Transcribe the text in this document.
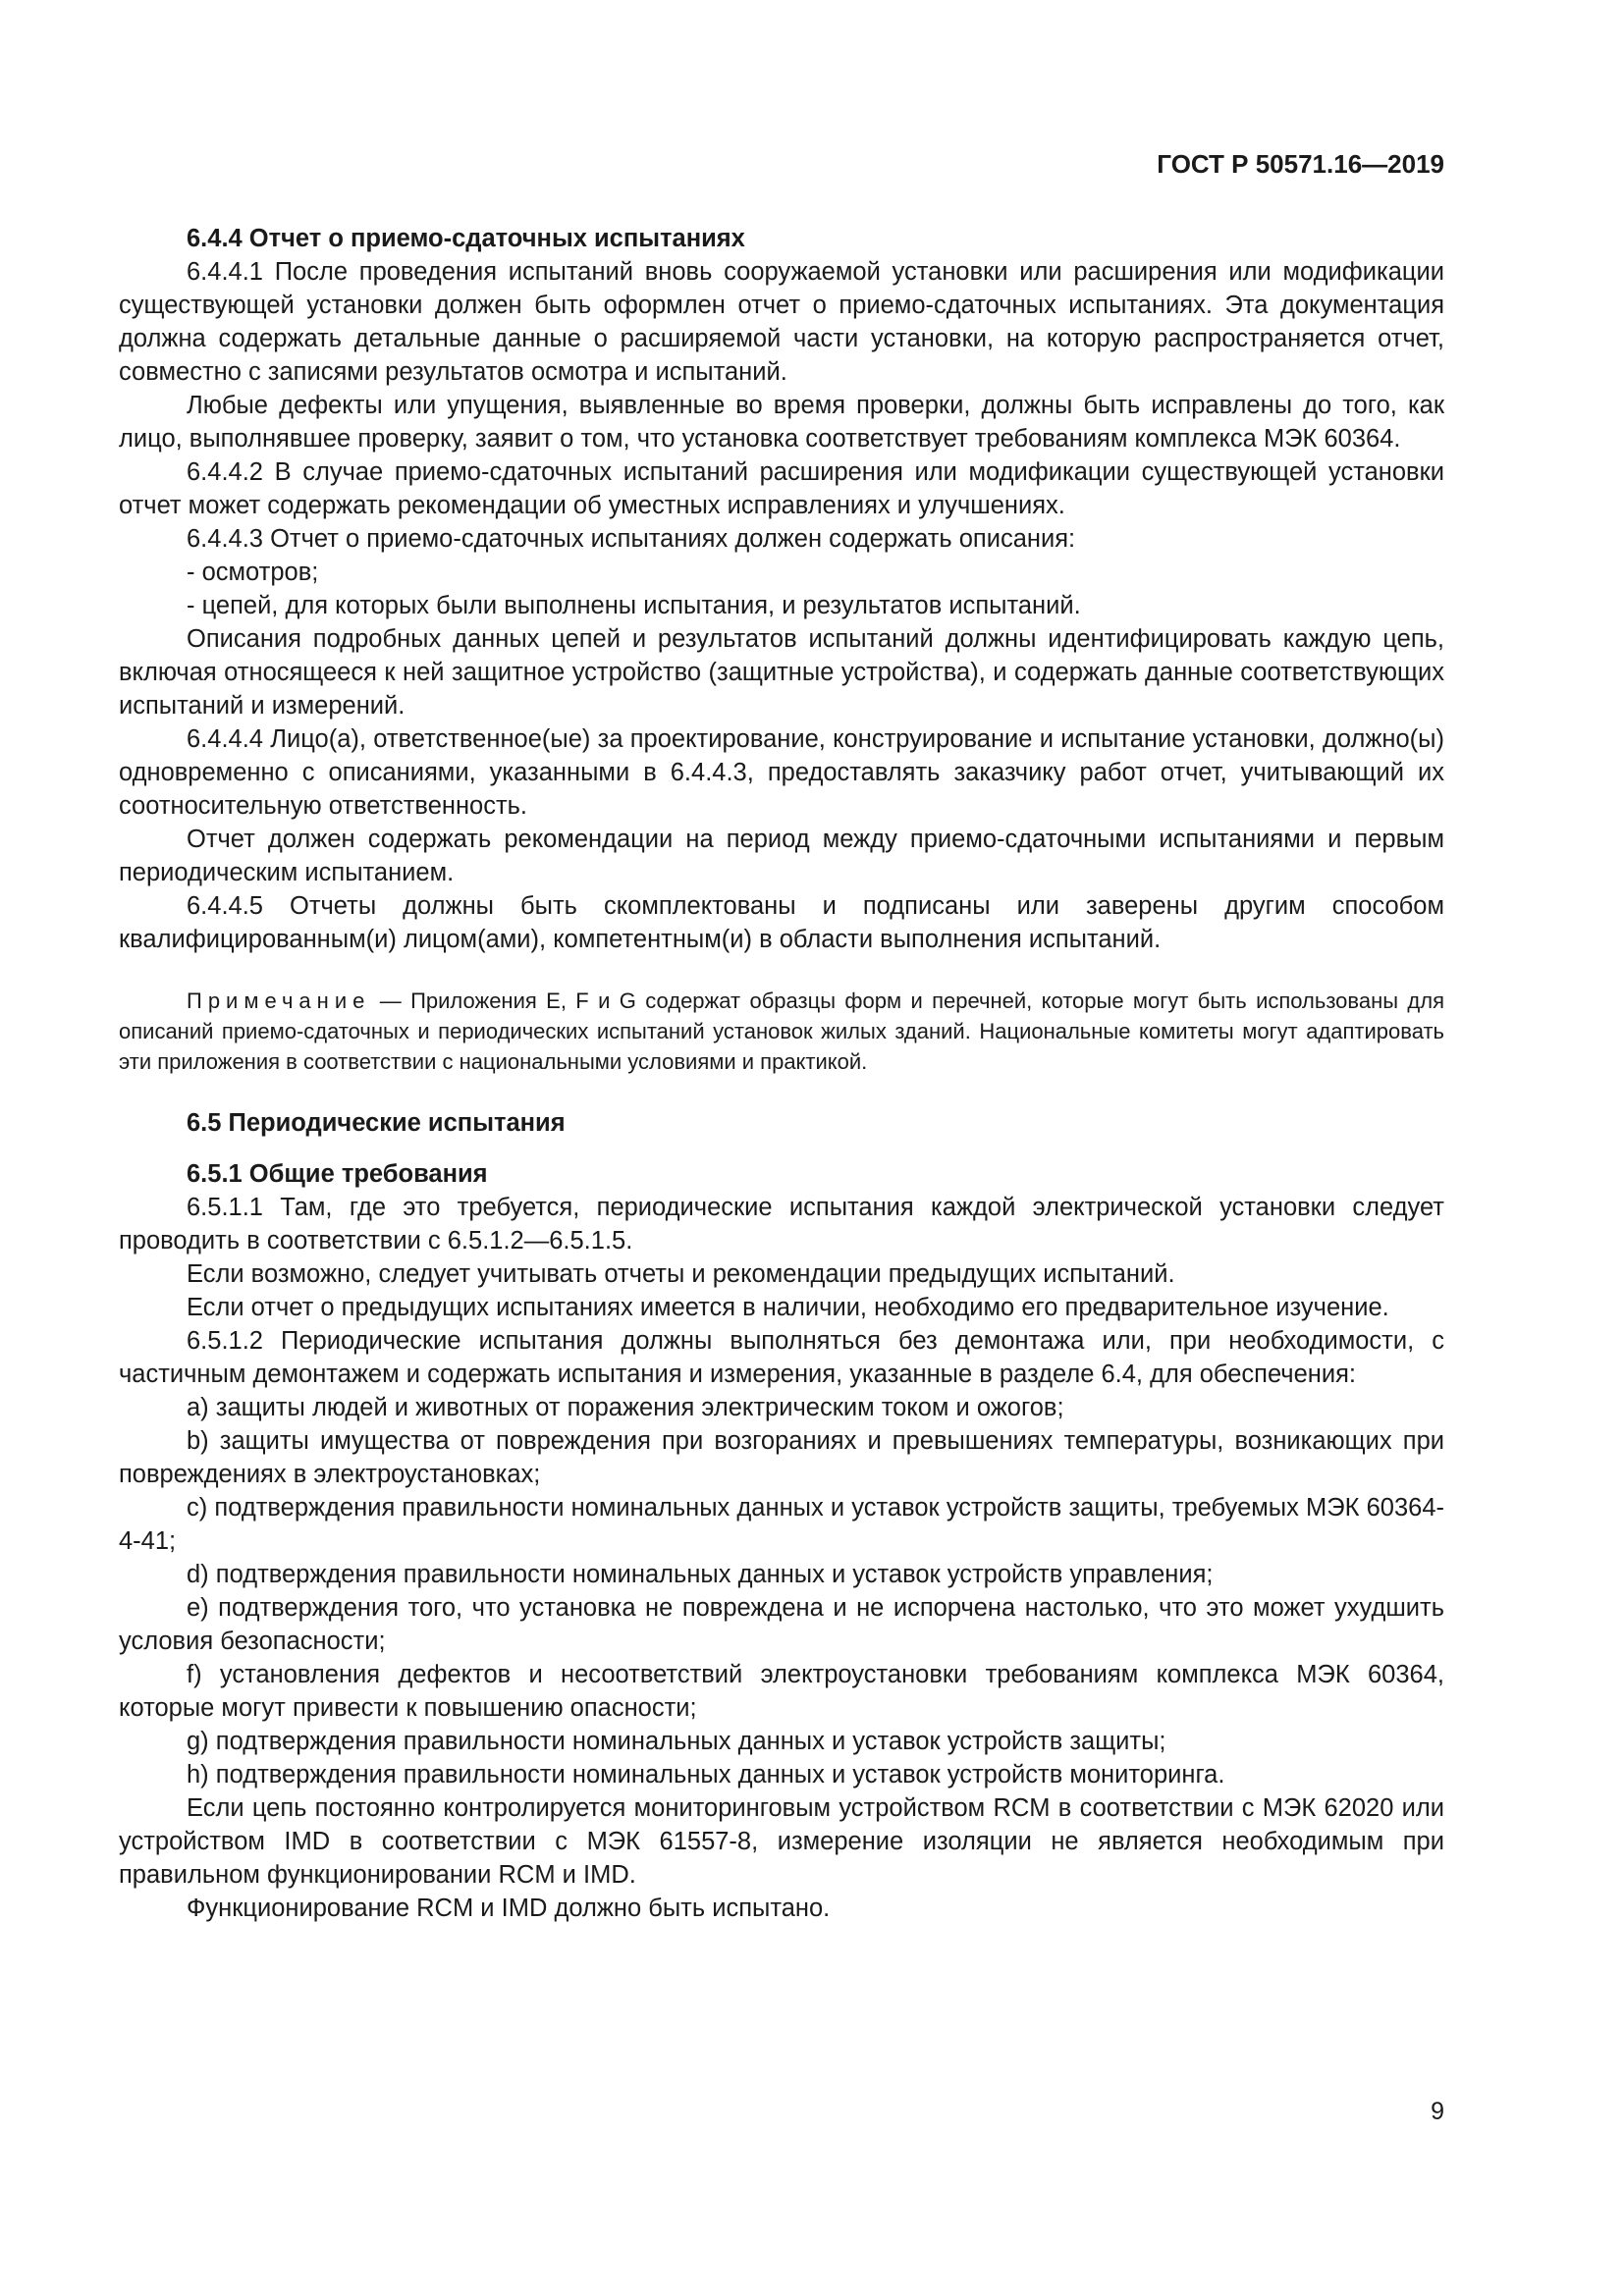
ГОСТ Р 50571.16—2019
6.4.4 Отчет о приемо-сдаточных испытаниях

6.4.4.1 После проведения испытаний вновь сооружаемой установки или расширения или модификации существующей установки должен быть оформлен отчет о приемо-сдаточных испытаниях. Эта документация должна содержать детальные данные о расширяемой части установки, на которую распространяется отчет, совместно с записями результатов осмотра и испытаний.

Любые дефекты или упущения, выявленные во время проверки, должны быть исправлены до того, как лицо, выполнявшее проверку, заявит о том, что установка соответствует требованиям комплекса МЭК 60364.

6.4.4.2 В случае приемо-сдаточных испытаний расширения или модификации существующей установки отчет может содержать рекомендации об уместных исправлениях и улучшениях.

6.4.4.3 Отчет о приемо-сдаточных испытаниях должен содержать описания:

- осмотров;

- цепей, для которых были выполнены испытания, и результатов испытаний.

Описания подробных данных цепей и результатов испытаний должны идентифицировать каждую цепь, включая относящееся к ней защитное устройство (защитные устройства), и содержать данные соответствующих испытаний и измерений.

6.4.4.4 Лицо(а), ответственное(ые) за проектирование, конструирование и испытание установки, должно(ы) одновременно с описаниями, указанными в 6.4.4.3, предоставлять заказчику работ отчет, учитывающий их соотносительную ответственность.

Отчет должен содержать рекомендации на период между приемо-сдаточными испытаниями и первым периодическим испытанием.

6.4.4.5 Отчеты должны быть скомплектованы и подписаны или заверены другим способом квалифицированным(и) лицом(ами), компетентным(и) в области выполнения испытаний.

Примечание — Приложения E, F и G содержат образцы форм и перечней, которые могут быть использованы для описаний приемо-сдаточных и периодических испытаний установок жилых зданий. Национальные комитеты могут адаптировать эти приложения в соответствии с национальными условиями и практикой.
6.5 Периодические испытания
6.5.1 Общие требования

6.5.1.1 Там, где это требуется, периодические испытания каждой электрической установки следует проводить в соответствии с 6.5.1.2—6.5.1.5.

Если возможно, следует учитывать отчеты и рекомендации предыдущих испытаний.

Если отчет о предыдущих испытаниях имеется в наличии, необходимо его предварительное изучение.

6.5.1.2 Периодические испытания должны выполняться без демонтажа или, при необходимости, с частичным демонтажем и содержать испытания и измерения, указанные в разделе 6.4, для обеспечения:

a) защиты людей и животных от поражения электрическим током и ожогов;

b) защиты имущества от повреждения при возгораниях и превышениях температуры, возникающих при повреждениях в электроустановках;

c) подтверждения правильности номинальных данных и уставок устройств защиты, требуемых МЭК 60364-4-41;

d) подтверждения правильности номинальных данных и уставок устройств управления;

e) подтверждения того, что установка не повреждена и не испорчена настолько, что это может ухудшить условия безопасности;

f) установления дефектов и несоответствий электроустановки требованиям комплекса МЭК 60364, которые могут привести к повышению опасности;

g) подтверждения правильности номинальных данных и уставок устройств защиты;

h) подтверждения правильности номинальных данных и уставок устройств мониторинга.

Если цепь постоянно контролируется мониторинговым устройством RCM в соответствии с МЭК 62020 или устройством IMD в соответствии с МЭК 61557-8, измерение изоляции не является необходимым при правильном функционировании RCM и IMD.

Функционирование RCM и IMD должно быть испытано.

9
